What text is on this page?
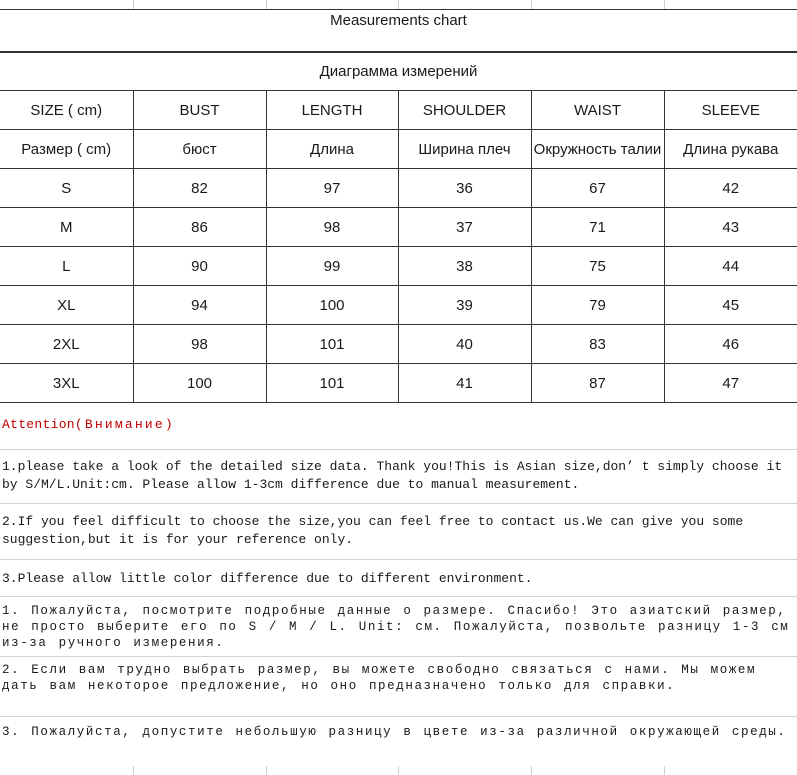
Measurements chart
Диаграмма измерений
SIZE ( cm)	BUST	LENGTH	SHOULDER	WAIST	SLEEVE
Размер ( cm)	бюст	Длина	Ширина плеч	Окружность талии	Длина рукава
S	82	97	36	67	42
M	86	98	37	71	43
L	90	99	38	75	44
XL	94	100	39	79	45
2XL	98	101	40	83	46
3XL	100	101	41	87	47
Attention(Внимание)
1.please take a look of the detailed size data. Thank you!This is Asian size,don’ t simply choose it by S/M/L.Unit:cm. Please allow 1-3cm difference due to manual measurement.
2.If you feel difficult to choose the size,you can feel free to contact us.We can give you some suggestion,but it is for your reference only.
3.Please allow little color difference due to different environment.
1. Пожалуйста, посмотрите подробные данные о размере. Спасибо! Это азиатский размер, не просто выберите его по S / M / L. Unit: см. Пожалуйста, позвольте разницу 1-3 см из-за ручного измерения.
2. Если вам трудно выбрать размер, вы можете свободно связаться с нами. Мы можем дать вам некоторое предложение, но оно предназначено только для справки.
3. Пожалуйста, допустите небольшую разницу в цвете из-за различной окружающей среды.
